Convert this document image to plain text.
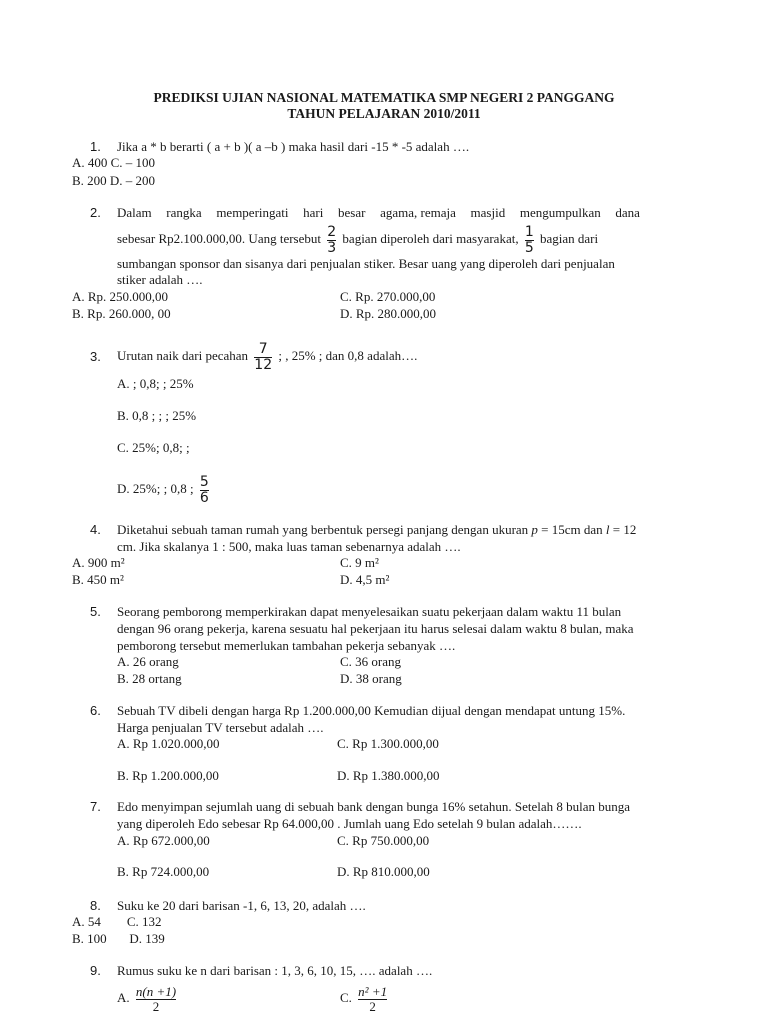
PREDIKSI UJIAN NASIONAL MATEMATIKA SMP NEGERI 2 PANGGANG
TAHUN PELAJARAN 2010/2011
1. Jika a * b berarti ( a + b )( a –b ) maka hasil dari -15 * -5 adalah ….
A. 400 C. – 100
B. 200 D. – 200
2. Dalam rangka memperingati hari besar agama, remaja masjid mengumpulkan dana
sebesar Rp2.100.000,00. Uang tersebut $\frac{2}{3}$ bagian diperoleh dari masyarakat, $\frac{1}{5}$ bagian dari
sumbangan sponsor dan sisanya dari penjualan stiker. Besar uang yang diperoleh dari penjualan
stiker adalah ….
A. Rp. 250.000,00
B. Rp. 260.000, 00
C. Rp. 270.000,00
D. Rp. 280.000,00
3. Urutan naik dari pecahan $\frac{7}{12}$ ; , 25% ; dan 0,8 adalah….
A. ; 0,8; ; 25%
B. 0,8 ; ; ; 25%
C. 25%; 0,8; ;
D. 25%; ; 0,8 ; $\frac{5}{6}$
4. Diketahui sebuah taman rumah yang berbentuk persegi panjang dengan ukuran p = 15cm dan l = 12
cm. Jika skalanya 1 : 500, maka luas taman sebenarnya adalah ….
A. 900 m²
B. 450 m²
C. 9 m²
D. 4,5 m²
5. Seorang pemborong memperkirakan dapat menyelesaikan suatu pekerjaan dalam waktu 11 bulan
dengan 96 orang pekerja, karena sesuatu hal pekerjaan itu harus selesai dalam waktu 8 bulan, maka
pemborong tersebut memerlukan tambahan pekerja sebanyak ….
A. 26 orang
B. 28 ortang
C. 36 orang
D. 38 orang
6. Sebuah TV dibeli dengan harga Rp 1.200.000,00 Kemudian dijual dengan mendapat untung 15%.
Harga penjualan TV tersebut adalah ….
A. Rp 1.020.000,00
B. Rp 1.200.000,00
C. Rp 1.300.000,00
D. Rp 1.380.000,00
7. Edo menyimpan sejumlah uang di sebuah bank dengan bunga 16% setahun. Setelah 8 bulan bunga
yang diperoleh Edo sebesar Rp 64.000,00 . Jumlah uang Edo setelah 9 bulan adalah…….
A. Rp 672.000,00
B. Rp 724.000,00
C. Rp 750.000,00
D. Rp 810.000,00
8. Suku ke 20 dari barisan -1, 6, 13, 20, adalah ….
A. 54        C. 132
B. 100       D. 139
9. Rumus suku ke n dari barisan : 1, 3, 6, 10, 15, …. adalah ….
A. $\frac{n(n +1)}{2}$	C. $\frac{\text{n² +1}}{2}$
